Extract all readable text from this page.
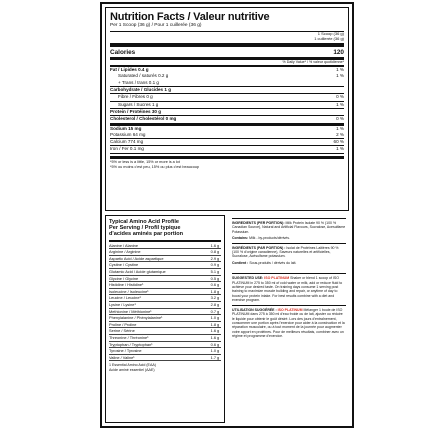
Nutrition Facts / Valeur nutritive
Per 1 Scoop (36 g) / Pour 1 cuillerée (36 g)
1 Scoop (36 g)
1 cuillerée (36 g)
Calories	120
% Daily Value* / % valeur quotidienne*
Fat / Lipides 0.4 g	1 %
Saturated / saturés 0.2 g	1 %
+ Trans / trans 0.1 g
Carbohydrate / Glucides 1 g
Fibre / Fibres 0 g	0 %
Sugars / Sucres 1 g	1 %
Protein / Protéines 30 g
Cholesterol / Cholestérol 0 mg	0 %
Sodium 15 mg	1 %
Potassium 64 mg	2 %
Calcium 774 mg	60 %
Iron / Fer 0.1 mg	1 %
*5% or less is a little, 15% or more is a lot
*5% ou moins c'est peu, 15% ou plus c'est beaucoup
Typical Amino Acid Profile
Per Serving / Profil typique
d'acides aminés par portion
Alanine / Alanine	1.6 g
Arginine / Arginine	0.8 g
Aspartic Acid / Acide aspartique	2.9 g
Cystine / Cystine	0.9 g
Glutamic Acid / Acide glutamique	5.1 g
Glycine / Glycine	0.5 g
Histidine / Histidine¹	0.6 g
Isoleucine / Isoleucine¹	1.8 g
Leucine / Leucine¹	3.2 g
Lysine / Lysine¹	2.8 g
Methionine / Méthionine¹	0.7 g
Phenylalanine / Phénylalanine¹	1.0 g
Proline / Proline	1.8 g
Serine / Sérine	1.6 g
Threonine / Thréonine¹	1.6 g
Tryptophan / Tryptophan¹	0.6 g
Tyrosine / Tyrosine	1.0 g
Valine / Valine¹	1.7 g
1 Essential Amino Acid (EAA)
Acide aminé essentiel (AAE)

INGREDIENTS (PER PORTION): Milk Protein Isolate 90 % (100 % Canadian Source), Natural and Artificial Flavours, Sucralose, Acesulfame Potassium.

Contains: Milk - by-products/dérivés.

INGRÉDIENTS (PAR PORTION) : Isolat de Protéines Laitières 90 % (100 % d'origine canadienne), Saveurs naturelles et artificielles, Sucralose, Acésulfame potassium.

Contient : Sous-produits / dérivés du lait.

SUGGESTED USE: ISO PLATINUM Shaker or blend 1 scoop of ISO PLATINUM in 275 to 350 ml of cold water or milk, add or reduce fluid to achieve your desired taste. On training days consume 1 serving post training to maximize muscle building and repair, or anytime of day to boost your protein intake. For best results combine with a diet and exercise program.

UTILISATION SUGGÉRÉE : ISO PLATINUM Mélanger 1 boule de ISO PLATINUM dans 275 à 350 ml d'eau froide ou de lait, ajuster ou réduire le liquide pour obtenir le goût désiré. Lors des jours d'entraînement, consommer une portion après l'exercice pour aider à la construction et la réparation musculaire, ou à tout moment de la journée pour augmenter votre apport en protéines. Pour de meilleurs résultats, combiner avec un régime et programme d'exercice.
